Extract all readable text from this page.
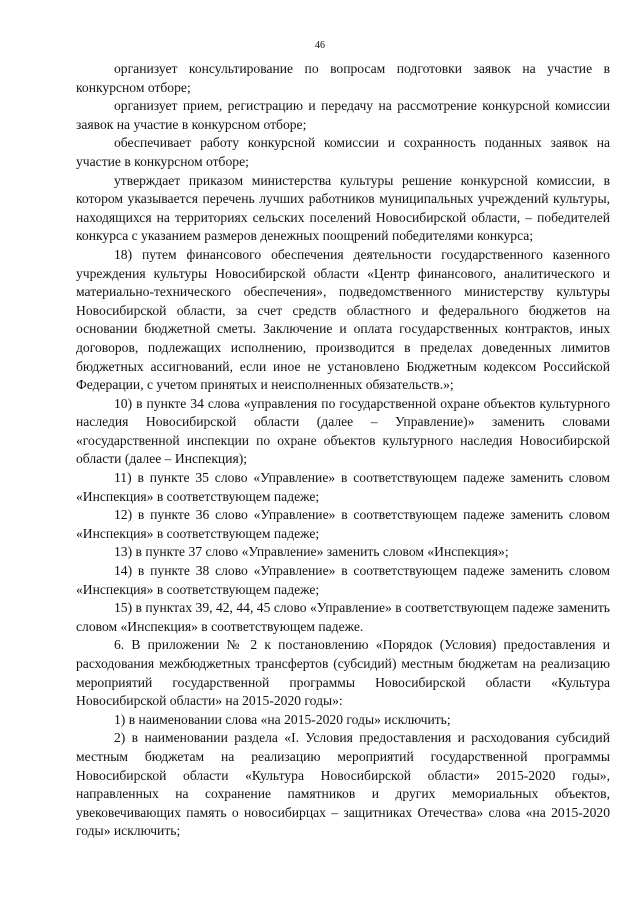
46

организует консультирование по вопросам подготовки заявок на участие в конкурсном отборе;

организует прием, регистрацию и передачу на рассмотрение конкурсной комиссии заявок на участие в конкурсном отборе;

обеспечивает работу конкурсной комиссии и сохранность поданных заявок на участие в конкурсном отборе;

утверждает приказом министерства культуры решение конкурсной комиссии, в котором указывается перечень лучших работников муниципальных учреждений культуры, находящихся на территориях сельских поселений Новосибирской области, – победителей конкурса с указанием размеров денежных поощрений победителями конкурса;

18) путем финансового обеспечения деятельности государственного казенного учреждения культуры Новосибирской области «Центр финансового, аналитического и материально-технического обеспечения», подведомственного министерству культуры Новосибирской области, за счет средств областного и федерального бюджетов на основании бюджетной сметы. Заключение и оплата государственных контрактов, иных договоров, подлежащих исполнению, производится в пределах доведенных лимитов бюджетных ассигнований, если иное не установлено Бюджетным кодексом Российской Федерации, с учетом принятых и неисполненных обязательств.»;

10) в пункте 34 слова «управления по государственной охране объектов культурного наследия Новосибирской области (далее – Управление)» заменить словами «государственной инспекции по охране объектов культурного наследия Новосибирской области (далее – Инспекция);

11) в пункте 35 слово «Управление» в соответствующем падеже заменить словом «Инспекция» в соответствующем падеже;

12) в пункте 36 слово «Управление» в соответствующем падеже заменить словом «Инспекция» в соответствующем падеже;

13) в пункте 37 слово «Управление» заменить словом «Инспекция»;

14) в пункте 38 слово «Управление» в соответствующем падеже заменить словом «Инспекция» в соответствующем падеже;

15) в пунктах 39, 42, 44, 45 слово «Управление» в соответствующем падеже заменить словом «Инспекция» в соответствующем падеже.

6. В приложении № 2 к постановлению «Порядок (Условия) предоставления и расходования межбюджетных трансфертов (субсидий) местным бюджетам на реализацию мероприятий государственной программы Новосибирской области «Культура Новосибирской области» на 2015-2020 годы»:

1) в наименовании слова «на 2015-2020 годы» исключить;

2) в наименовании раздела «I. Условия предоставления и расходования субсидий местным бюджетам на реализацию мероприятий государственной программы Новосибирской области «Культура Новосибирской области» 2015-2020 годы», направленных на сохранение памятников и других мемориальных объектов, увековечивающих память о новосибирцах – защитниках Отечества» слова «на 2015-2020 годы» исключить;
